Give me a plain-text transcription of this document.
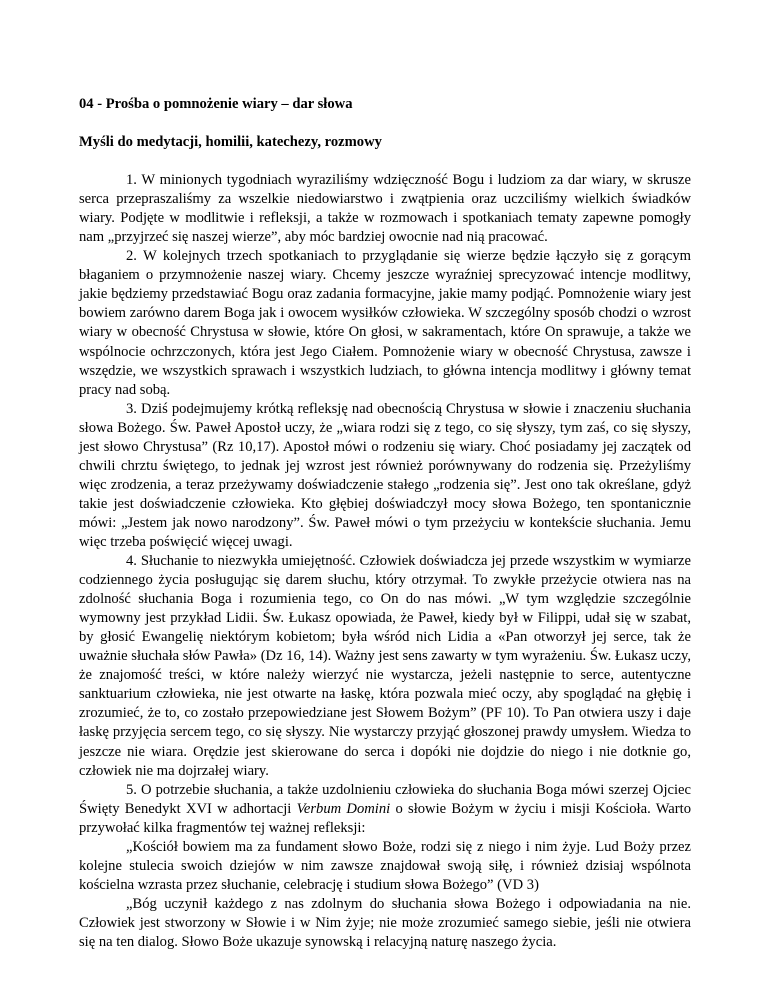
04 - Prośba o pomnożenie wiary – dar słowa

Myśli do medytacji, homilii, katechezy, rozmowy

1. W minionych tygodniach wyraziliśmy wdzięczność Bogu i ludziom za dar wiary, w skrusze serca przepraszaliśmy za wszelkie niedowiarstwo i zwątpienia oraz uczciliśmy wielkich świadków wiary. Podjęte w modlitwie i refleksji, a także w rozmowach i spotkaniach tematy zapewne pomogły nam „przyjrzeć się naszej wierze”, aby móc bardziej owocnie nad nią pracować.

2. W kolejnych trzech spotkaniach to przyglądanie się wierze będzie łączyło się z gorącym błaganiem o przymnożenie naszej wiary. Chcemy jeszcze wyraźniej sprecyzować intencje modlitwy, jakie będziemy przedstawiać Bogu oraz zadania formacyjne, jakie mamy podjąć. Pomnożenie wiary jest bowiem zarówno darem Boga jak i owocem wysiłków człowieka. W szczególny sposób chodzi o wzrost wiary w obecność Chrystusa w słowie, które On głosi, w sakramentach, które On sprawuje, a także we wspólnocie ochrzczonych, która jest Jego Ciałem. Pomnożenie wiary w obecność Chrystusa, zawsze i wszędzie, we wszystkich sprawach i wszystkich ludziach, to główna intencja modlitwy i główny temat pracy nad sobą.

3. Dziś podejmujemy krótką refleksję nad obecnością Chrystusa w słowie i znaczeniu słuchania słowa Bożego. Św. Paweł Apostoł uczy, że „wiara rodzi się z tego, co się słyszy, tym zaś, co się słyszy, jest słowo Chrystusa” (Rz 10,17). Apostoł mówi o rodzeniu się wiary. Choć posiadamy jej zaczątek od chwili chrztu świętego, to jednak jej wzrost jest również porównywany do rodzenia się. Przeżyliśmy więc zrodzenia, a teraz przeżywamy doświadczenie stałego „rodzenia się”. Jest ono tak określane, gdyż takie jest doświadczenie człowieka. Kto głębiej doświadczył mocy słowa Bożego, ten spontanicznie mówi: „Jestem jak nowo narodzony”. Św. Paweł mówi o tym przeżyciu w kontekście słuchania. Jemu więc trzeba poświęcić więcej uwagi.

4. Słuchanie to niezwykła umiejętność. Człowiek doświadcza jej przede wszystkim w wymiarze codziennego życia posługując się darem słuchu, który otrzymał. To zwykłe przeżycie otwiera nas na zdolność słuchania Boga i rozumienia tego, co On do nas mówi. „W tym względzie szczególnie wymowny jest przykład Lidii. Św. Łukasz opowiada, że Paweł, kiedy był w Filippi, udał się w szabat, by głosić Ewangelię niektórym kobietom; była wśród nich Lidia a «Pan otworzył jej serce, tak że uważnie słuchała słów Pawła» (Dz 16, 14). Ważny jest sens zawarty w tym wyrażeniu. Św. Łukasz uczy, że znajomość treści, w które należy wierzyć nie wystarcza, jeżeli następnie to serce, autentyczne sanktuarium człowieka, nie jest otwarte na łaskę, która pozwala mieć oczy, aby spoglądać na głębię i zrozumieć, że to, co zostało przepowiedziane jest Słowem Bożym” (PF 10). To Pan otwiera uszy i daje łaskę przyjęcia sercem tego, co się słyszy. Nie wystarczy przyjąć głoszonej prawdy umysłem. Wiedza to jeszcze nie wiara. Orędzie jest skierowane do serca i dopóki nie dojdzie do niego i nie dotknie go, człowiek nie ma dojrzałej wiary.

5. O potrzebie słuchania, a także uzdolnieniu człowieka do słuchania Boga mówi szerzej Ojciec Święty Benedykt XVI w adhortacji Verbum Domini o słowie Bożym w życiu i misji Kościoła. Warto przywołać kilka fragmentów tej ważnej refleksji:

„Kościół bowiem ma za fundament słowo Boże, rodzi się z niego i nim żyje. Lud Boży przez kolejne stulecia swoich dziejów w nim zawsze znajdował swoją siłę, i również dzisiaj wspólnota kościelna wzrasta przez słuchanie, celebrację i studium słowa Bożego” (VD 3)

„Bóg uczynił każdego z nas zdolnym do słuchania słowa Bożego i odpowiadania na nie. Człowiek jest stworzony w Słowie i w Nim żyje; nie może zrozumieć samego siebie, jeśli nie otwiera się na ten dialog. Słowo Boże ukazuje synowską i relacyjną naturę naszego życia.
